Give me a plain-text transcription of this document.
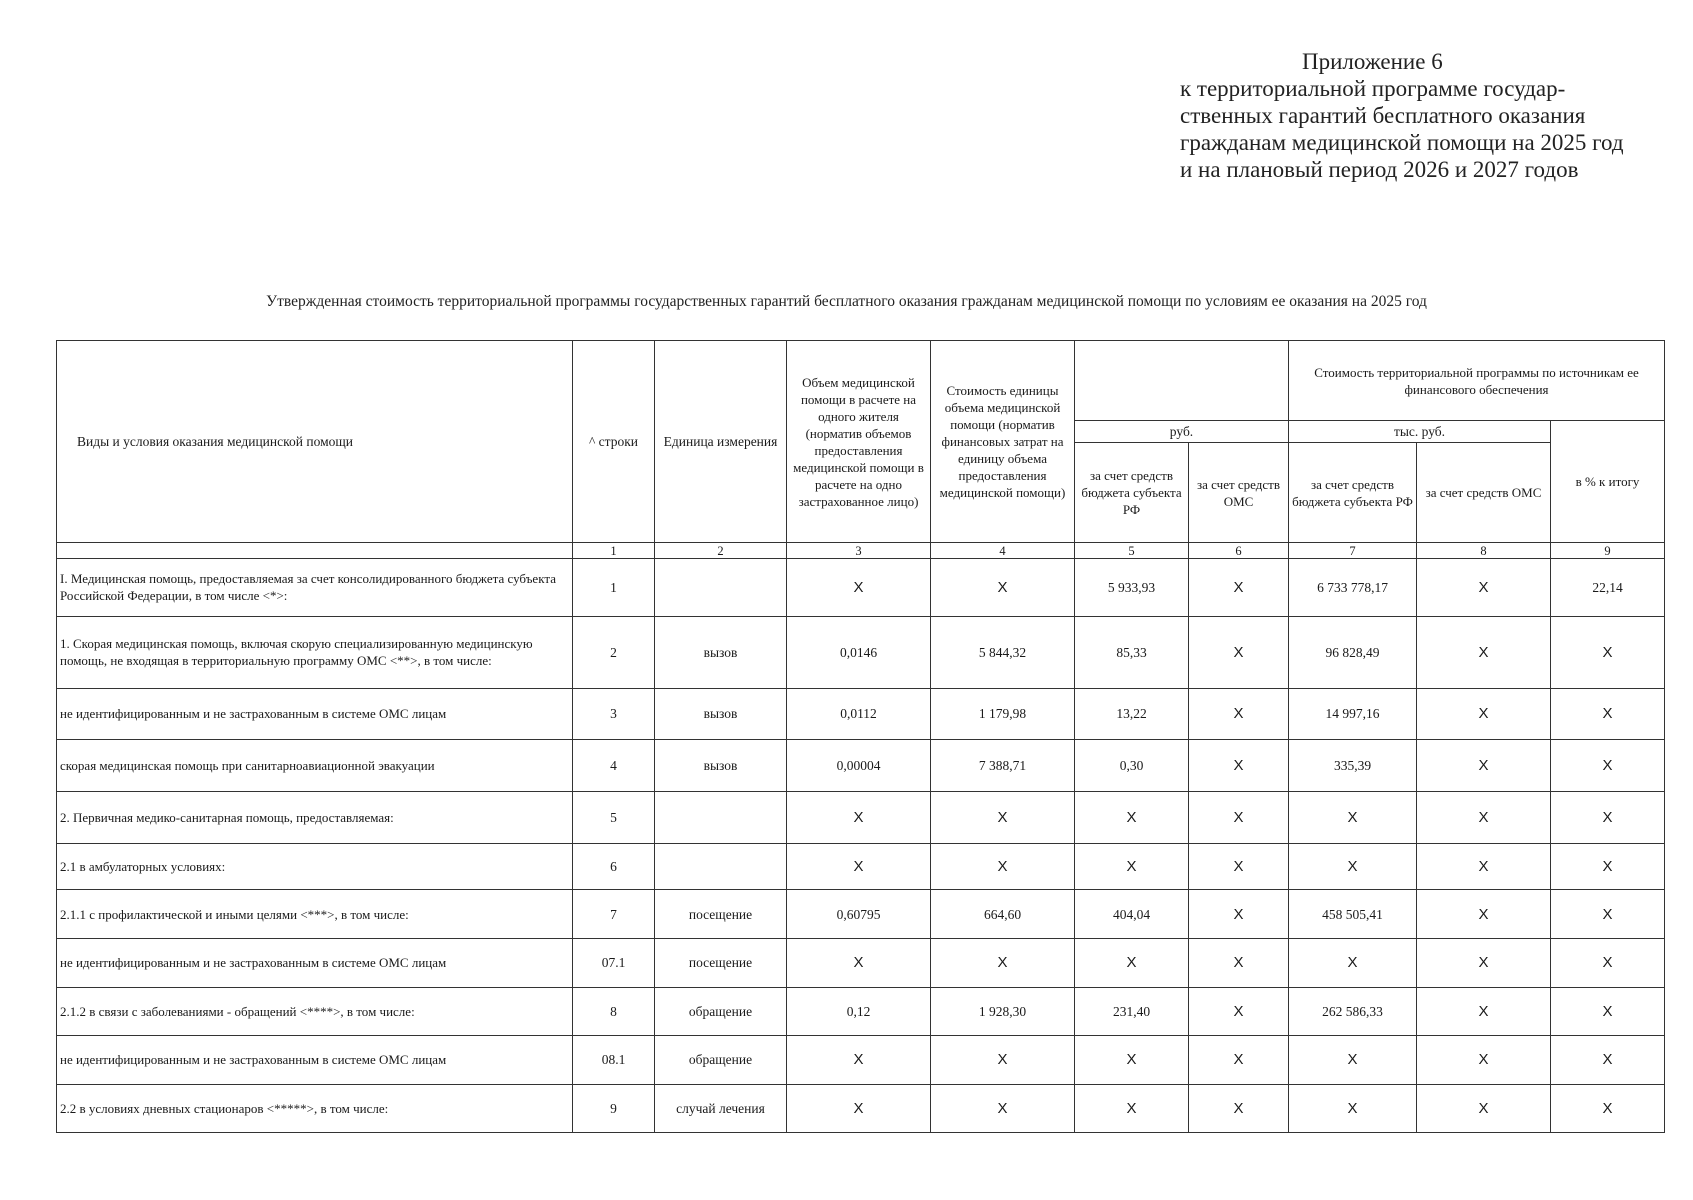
Приложение 6
к территориальной программе государ-
ственных гарантий бесплатного оказания
гражданам медицинской помощи на 2025 год
и на плановый период 2026 и 2027 годов
Утвержденная стоимость территориальной программы государственных гарантий бесплатного оказания гражданам медицинской помощи по условиям ее оказания на 2025 год
Виды и условия оказания медицинской помощи	^ строки	Единица измерения	Объем медицинской помощи в расчете на одного жителя (норматив объемов предоставления медицинской помощи в расчете на одно застрахованное лицо)	Стоимость единицы объема медицинской помощи (норматив финансовых затрат на единицу объема предоставления медицинской помощи)			Стоимость территориальной программы по источникам ее финансового обеспечения		
					руб.		тыс. руб.		в % к итогу
					за счет средств бюджета субъекта РФ	за счет средств ОМС	за счет средств бюджета субъекта РФ	за счет средств ОМС	
	1	2	3	4	5	6	7	8	9
I. Медицинская помощь, предоставляемая за счет консолидированного бюджета субъекта Российской Федерации, в том числе <*>:	1		X	X	5 933,93	X	6 733 778,17	X	22,14
1. Скорая медицинская помощь, включая скорую специализированную медицинскую помощь, не входящая в территориальную программу ОМС <**>, в том числе:	2	вызов	0,0146	5 844,32	85,33	X	96 828,49	X	X
не идентифицированным и не застрахованным в системе ОМС лицам	3	вызов	0,0112	1 179,98	13,22	X	14 997,16	X	X
скорая медицинская помощь при санитарноавиационной эвакуации	4	вызов	0,00004	7 388,71	0,30	X	335,39	X	X
2. Первичная медико-санитарная помощь, предоставляемая:	5		X	X	X	X	X	X	X
2.1 в амбулаторных условиях:	6		X	X	X	X	X	X	X
2.1.1 с профилактической и иными целями <***>, в том числе:	7	посещение	0,60795	664,60	404,04	X	458 505,41	X	X
не идентифицированным и не застрахованным в системе ОМС лицам	07.1	посещение	X	X	X	X	X	X	X
2.1.2 в связи с заболеваниями - обращений <****>, в том числе:	8	обращение	0,12	1 928,30	231,40	X	262 586,33	X	X
не идентифицированным и не застрахованным в системе ОМС лицам	08.1	обращение	X	X	X	X	X	X	X
2.2 в условиях дневных стационаров <*****>, в том числе:	9	случай лечения	X	X	X	X	X	X	X
